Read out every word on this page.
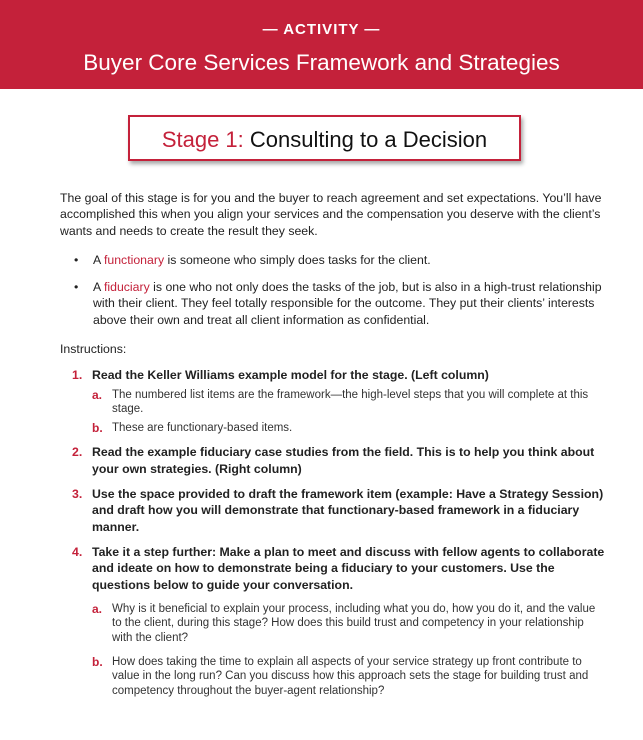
— ACTIVITY —
Buyer Core Services Framework and Strategies
Stage 1: Consulting to a Decision

The goal of this stage is for you and the buyer to reach agreement and set expectations. You’ll have accomplished this when you align your services and the compensation you deserve with the client’s wants and needs to create the result they seek.

• A functionary is someone who simply does tasks for the client.
• A fiduciary is one who not only does the tasks of the job, but is also in a high-trust relationship with their client. They feel totally responsible for the outcome. They put their clients’ interests above their own and treat all client information as confidential.

Instructions:

1. Read the Keller Williams example model for the stage. (Left column)
a. The numbered list items are the framework—the high-level steps that you will complete at this stage.
b. These are functionary-based items.
2. Read the example fiduciary case studies from the field. This is to help you think about your own strategies. (Right column)
3. Use the space provided to draft the framework item (example: Have a Strategy Session) and draft how you will demonstrate that functionary-based framework in a fiduciary manner.
4. Take it a step further: Make a plan to meet and discuss with fellow agents to collaborate and ideate on how to demonstrate being a fiduciary to your customers. Use the questions below to guide your conversation.
a. Why is it beneficial to explain your process, including what you do, how you do it, and the value to the client, during this stage? How does this build trust and competency in your relationship with the client?
b. How does taking the time to explain all aspects of your service strategy up front contribute to value in the long run? Can you discuss how this approach sets the stage for building trust and competency throughout the buyer-agent relationship?
